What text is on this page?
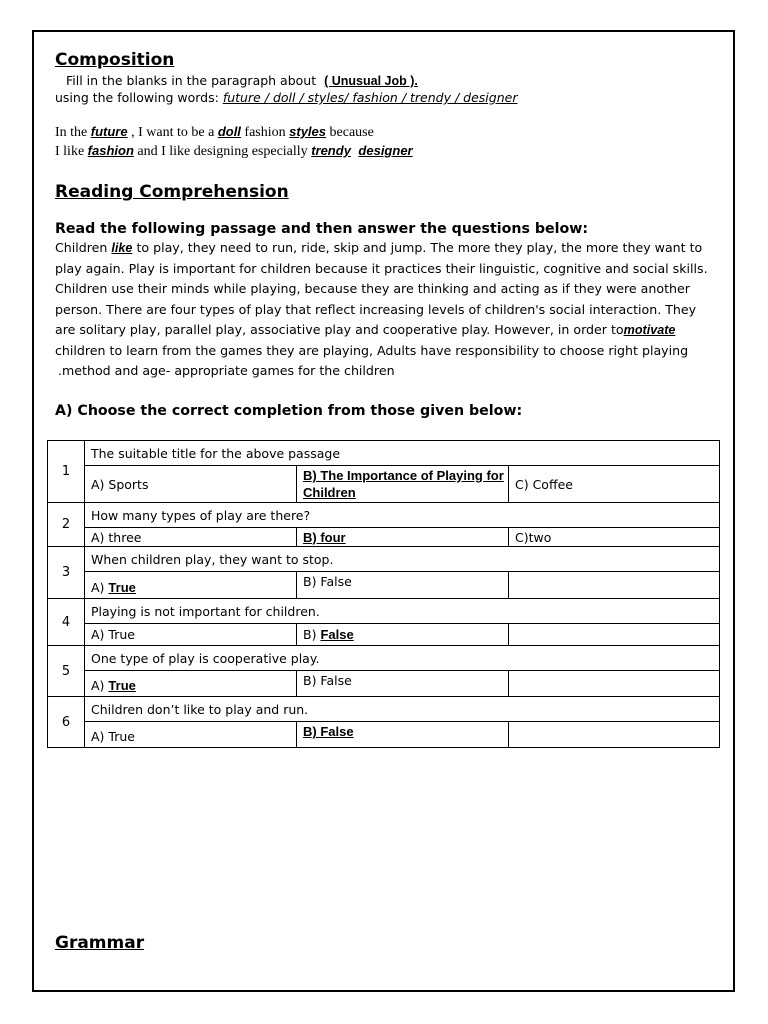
Composition
Fill in the blanks in the paragraph about ( Unusual Job ).
using the following words: future / doll / styles/ fashion / trendy / designer
In the future , I want to be a doll fashion styles because
I like fashion and I like designing especially trendy designer
Reading Comprehension
Read the following passage and then answer the questions below:
Children like to play, they need to run, ride, skip and jump. The more they play, the more they want to
play again. Play is important for children because it practices their linguistic, cognitive and social skills.
Children use their minds while playing, because they are thinking and acting as if they were another
person. There are four types of play that reflect increasing levels of children's social interaction. They
are solitary play, parallel play, associative play and cooperative play. However, in order tomotivate
children to learn from the games they are playing, Adults have responsibility to choose right playing
.method and age- appropriate games for the children
A) Choose the correct completion from those given below:
1	The suitable title for the above passage		
	A) Sports	B) The Importance of Playing for Children	C) Coffee
2	How many types of play are there?		
	A) three	B) four	C)two
3	When children play, they want to stop.		
	A) True	B) False	
4	Playing is not important for children.		
	A) True	B) False	
5	One type of play is cooperative play.		
	A) True	B) False	
6	Children don’t like to play and run.		
	A) True	B) False	
Grammar
